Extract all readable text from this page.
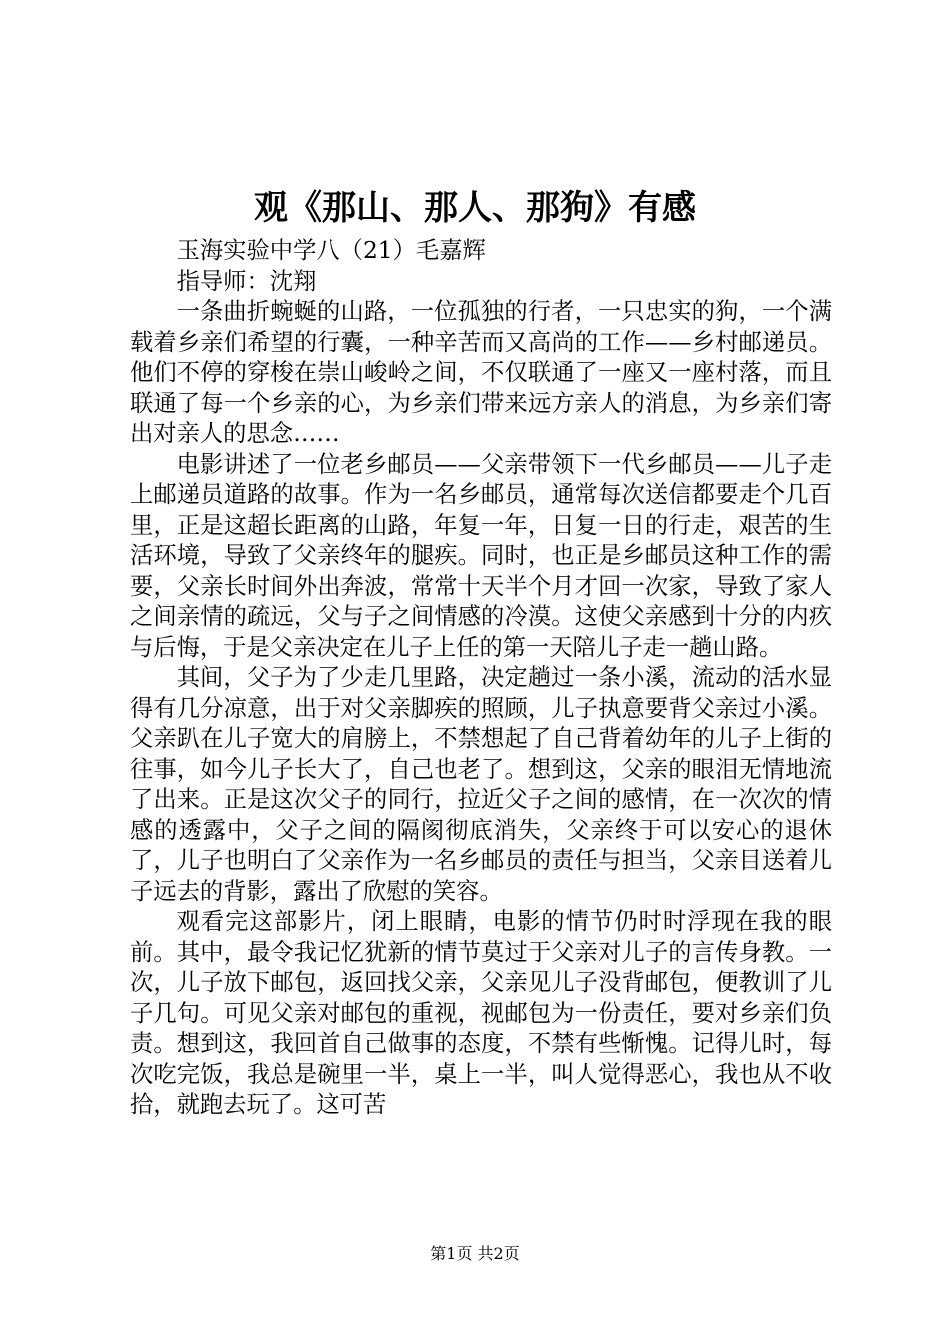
观《那山、那人、那狗》有感

玉海实验中学八（21）毛嘉辉

指导师：沈翔

一条曲折蜿蜒的山路，一位孤独的行者，一只忠实的狗，一个满载着乡亲们希望的行囊，一种辛苦而又高尚的工作——乡村邮递员。他们不停的穿梭在崇山峻岭之间，不仅联通了一座又一座村落，而且联通了每一个乡亲的心，为乡亲们带来远方亲人的消息，为乡亲们寄出对亲人的思念……

电影讲述了一位老乡邮员——父亲带领下一代乡邮员——儿子走上邮递员道路的故事。作为一名乡邮员，通常每次送信都要走个几百里，正是这超长距离的山路，年复一年，日复一日的行走，艰苦的生活环境，导致了父亲终年的腿疾。同时，也正是乡邮员这种工作的需要，父亲长时间外出奔波，常常十天半个月才回一次家，导致了家人之间亲情的疏远，父与子之间情感的冷漠。这使父亲感到十分的内疚与后悔，于是父亲决定在儿子上任的第一天陪儿子走一趟山路。

其间，父子为了少走几里路，决定趟过一条小溪，流动的活水显得有几分凉意，出于对父亲脚疾的照顾，儿子执意要背父亲过小溪。父亲趴在儿子宽大的肩膀上，不禁想起了自己背着幼年的儿子上街的往事，如今儿子长大了，自己也老了。想到这，父亲的眼泪无情地流了出来。正是这次父子的同行，拉近父子之间的感情，在一次次的情感的透露中，父子之间的隔阂彻底消失，父亲终于可以安心的退休了，儿子也明白了父亲作为一名乡邮员的责任与担当，父亲目送着儿子远去的背影，露出了欣慰的笑容。

观看完这部影片，闭上眼睛，电影的情节仍时时浮现在我的眼前。其中，最令我记忆犹新的情节莫过于父亲对儿子的言传身教。一次，儿子放下邮包，返回找父亲，父亲见儿子没背邮包，便教训了儿子几句。可见父亲对邮包的重视，视邮包为一份责任，要对乡亲们负责。想到这，我回首自己做事的态度，不禁有些惭愧。记得儿时，每次吃完饭，我总是碗里一半，桌上一半，叫人觉得恶心，我也从不收拾，就跑去玩了。这可苦

第1页 共2页
